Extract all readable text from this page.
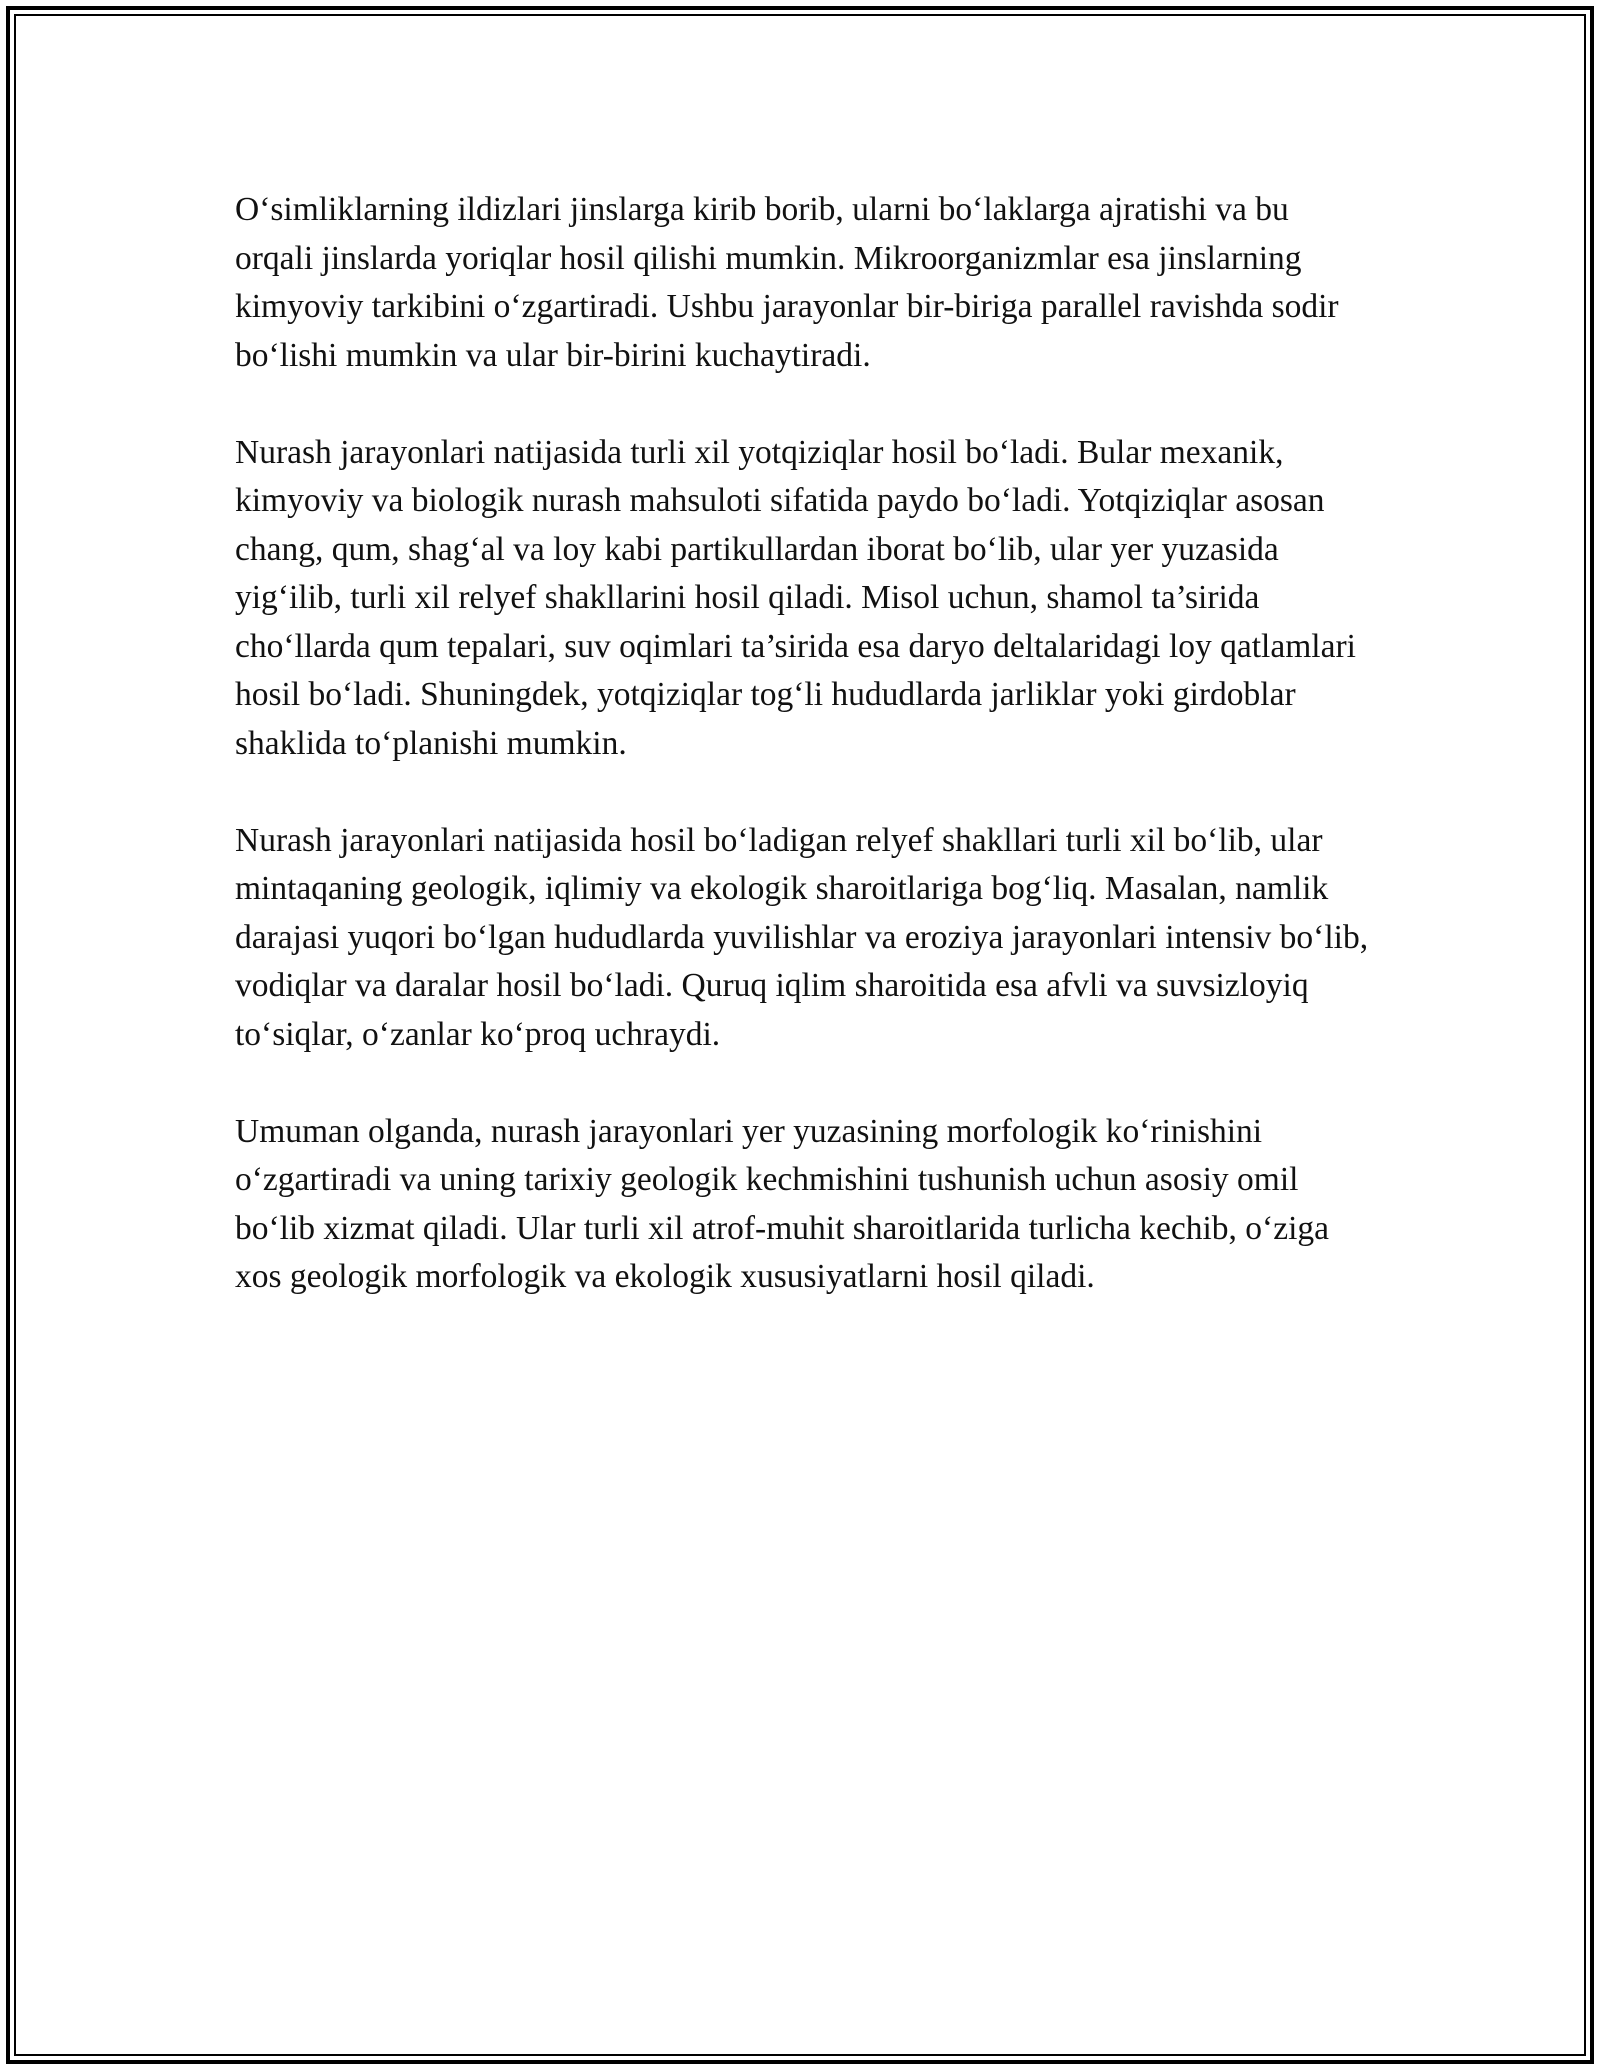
O‘simliklarning ildizlari jinslarga kirib borib, ularni bo‘laklarga ajratishi va bu orqali jinslarda yoriqlar hosil qilishi mumkin. Mikroorganizmlar esa jinslarning kimyoviy tarkibini o‘zgartiradi. Ushbu jarayonlar bir-biriga parallel ravishda sodir bo‘lishi mumkin va ular bir-birini kuchaytiradi.

Nurash jarayonlari natijasida turli xil yotqiziqlar hosil bo‘ladi. Bular mexanik, kimyoviy va biologik nurash mahsuloti sifatida paydo bo‘ladi. Yotqiziqlar asosan chang, qum, shag‘al va loy kabi partikullardan iborat bo‘lib, ular yer yuzasida yig‘ilib, turli xil relyef shakllarini hosil qiladi. Misol uchun, shamol ta’sirida cho‘llarda qum tepalari, suv oqimlari ta’sirida esa daryo deltalaridagi loy qatlamlari hosil bo‘ladi. Shuningdek, yotqiziqlar tog‘li hududlarda jarliklar yoki girdoblar shaklida to‘planishi mumkin.

Nurash jarayonlari natijasida hosil bo‘ladigan relyef shakllari turli xil bo‘lib, ular mintaqaning geologik, iqlimiy va ekologik sharoitlariga bog‘liq. Masalan, namlik darajasi yuqori bo‘lgan hududlarda yuvilishlar va eroziya jarayonlari intensiv bo‘lib, vodiqlar va daralar hosil bo‘ladi. Quruq iqlim sharoitida esa afvli va suvsizloyiq to‘siqlar, o‘zanlar ko‘proq uchraydi.

Umuman olganda, nurash jarayonlari yer yuzasining morfologik ko‘rinishini o‘zgartiradi va uning tarixiy geologik kechmishini tushunish uchun asosiy omil bo‘lib xizmat qiladi. Ular turli xil atrof-muhit sharoitlarida turlicha kechib, o‘ziga xos geologik morfologik va ekologik xususiyatlarni hosil qiladi.
